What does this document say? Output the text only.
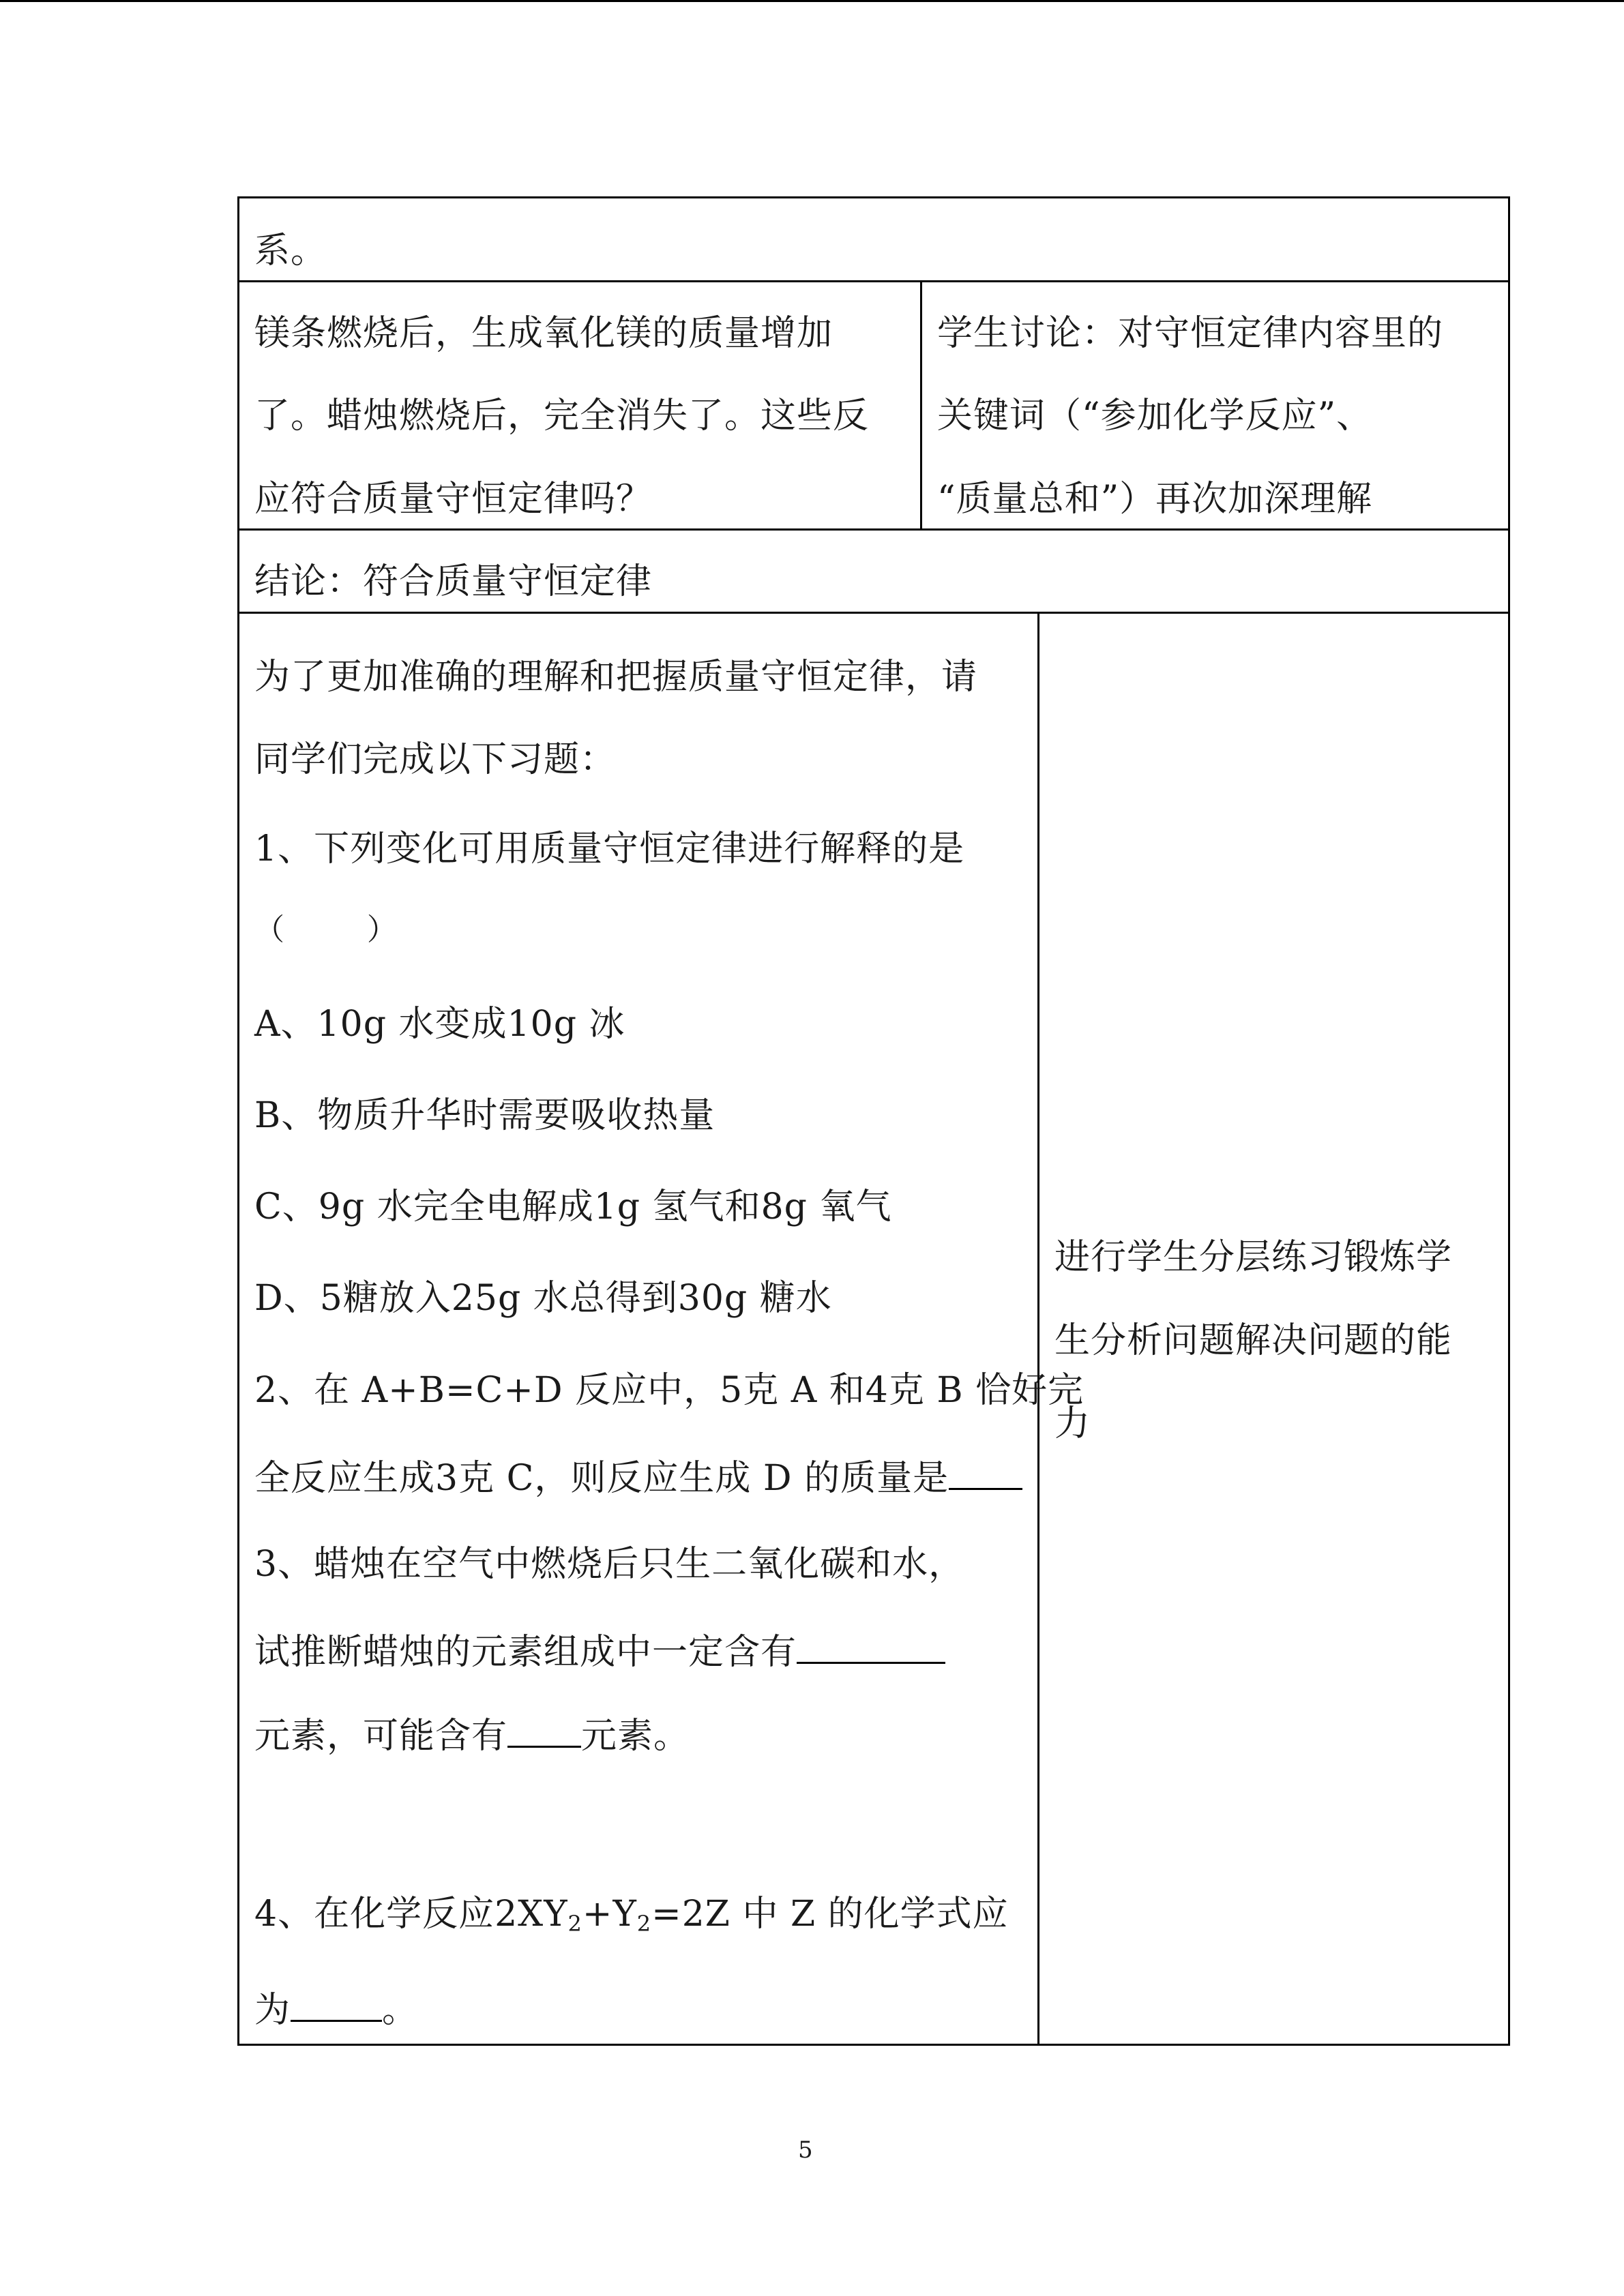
系。
镁条燃烧后，生成氧化镁的质量增加
了。蜡烛燃烧后，完全消失了。这些反
应符合质量守恒定律吗？
学生讨论：对守恒定律内容里的
关键词（“参加化学反应”、
“质量总和”）再次加深理解
结论：符合质量守恒定律
为了更加准确的理解和把握质量守恒定律，请
同学们完成以下习题：
1、下列变化可用质量守恒定律进行解释的是
（        ）
A、10g 水变成10g 冰
B、物质升华时需要吸收热量
C、9g 水完全电解成1g 氢气和8g 氧气
D、5糖放入25g 水总得到30g 糖水
2、在 A+B=C+D 反应中，5克 A 和4克 B 恰好完
全反应生成3克 C，则反应生成 D 的质量是
3、蜡烛在空气中燃烧后只生二氧化碳和水，
试推断蜡烛的元素组成中一定含有
元素，可能含有 元素。
4、在化学反应$2XY_2+Y_2=2Z$ 中 Z 的化学式应
为	。
进行学生分层练习锻炼学
生分析问题解决问题的能
力
5
